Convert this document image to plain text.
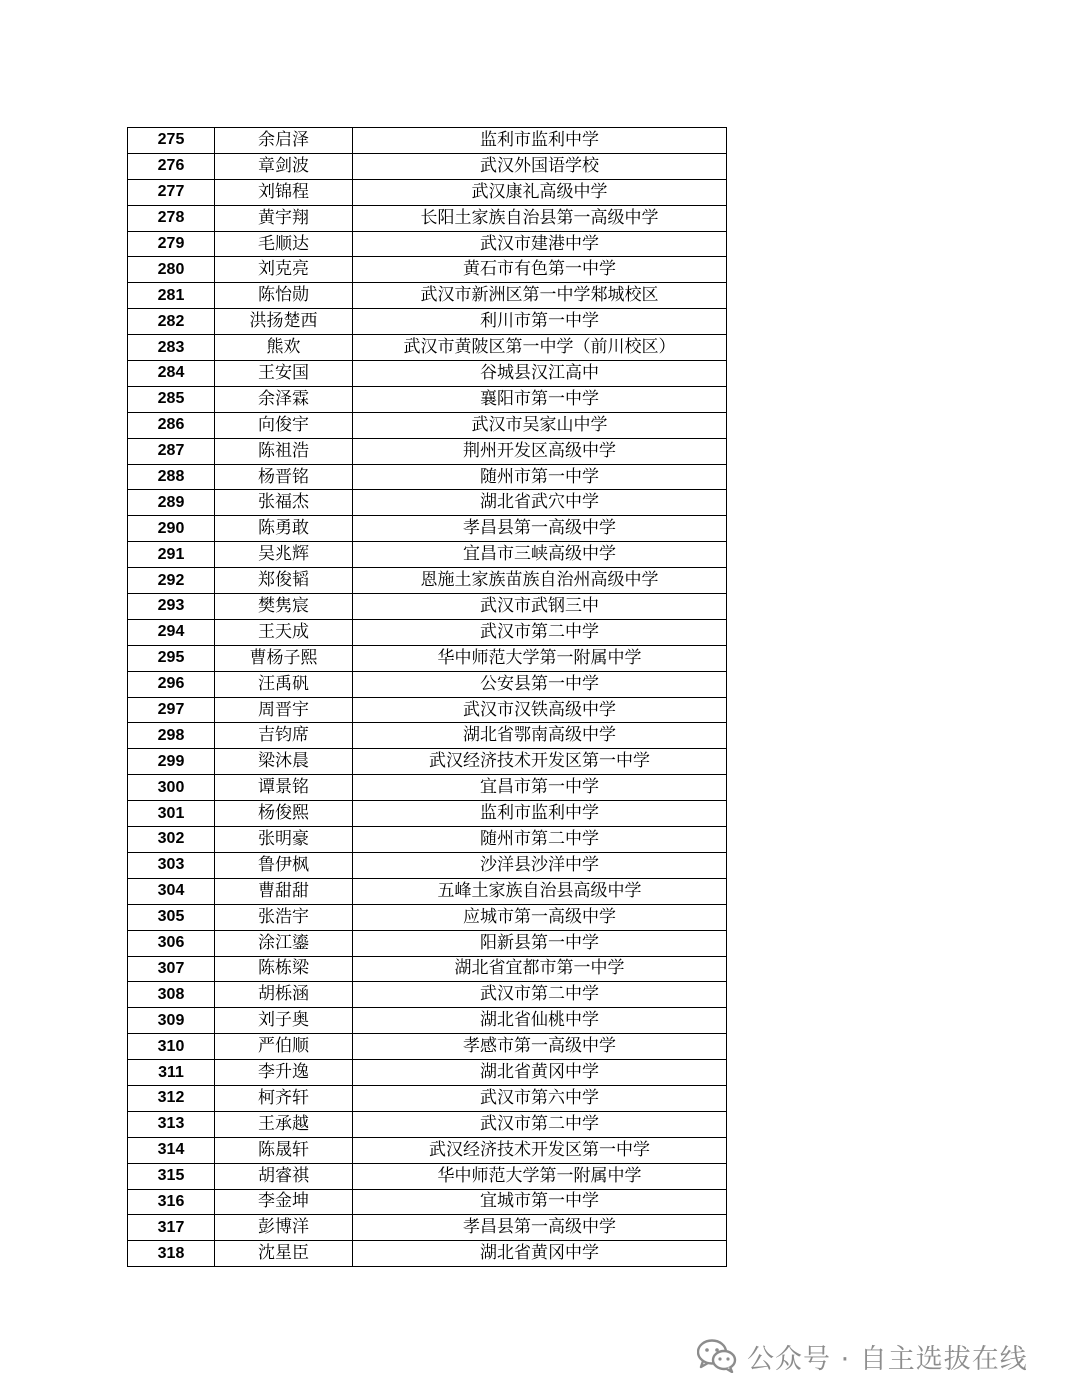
275	余启泽	监利市监利中学
276	章剑波	武汉外国语学校
277	刘锦程	武汉康礼高级中学
278	黄宇翔	长阳土家族自治县第一高级中学
279	毛顺达	武汉市建港中学
280	刘克亮	黄石市有色第一中学
281	陈怡勋	武汉市新洲区第一中学邾城校区
282	洪扬楚西	利川市第一中学
283	熊欢	武汉市黄陂区第一中学（前川校区）
284	王安国	谷城县汉江高中
285	余泽霖	襄阳市第一中学
286	向俊宇	武汉市吴家山中学
287	陈祖浩	荆州开发区高级中学
288	杨晋铭	随州市第一中学
289	张福杰	湖北省武穴中学
290	陈勇敢	孝昌县第一高级中学
291	吴兆辉	宜昌市三峡高级中学
292	郑俊韬	恩施土家族苗族自治州高级中学
293	樊隽宸	武汉市武钢三中
294	王天成	武汉市第二中学
295	曹杨子熙	华中师范大学第一附属中学
296	汪禹矾	公安县第一中学
297	周晋宇	武汉市汉铁高级中学
298	吉钧席	湖北省鄂南高级中学
299	梁沐晨	武汉经济技术开发区第一中学
300	谭景铭	宜昌市第一中学
301	杨俊熙	监利市监利中学
302	张明豪	随州市第二中学
303	鲁伊枫	沙洋县沙洋中学
304	曹甜甜	五峰土家族自治县高级中学
305	张浩宇	应城市第一高级中学
306	涂江鎏	阳新县第一中学
307	陈栋梁	湖北省宜都市第一中学
308	胡栎涵	武汉市第二中学
309	刘子奥	湖北省仙桃中学
310	严伯顺	孝感市第一高级中学
311	李升逸	湖北省黄冈中学
312	柯齐轩	武汉市第六中学
313	王承越	武汉市第二中学
314	陈晟轩	武汉经济技术开发区第一中学
315	胡睿祺	华中师范大学第一附属中学
316	李金坤	宜城市第一中学
317	彭博洋	孝昌县第一高级中学
318	沈星臣	湖北省黄冈中学
公众号 · 自主选拔在线
